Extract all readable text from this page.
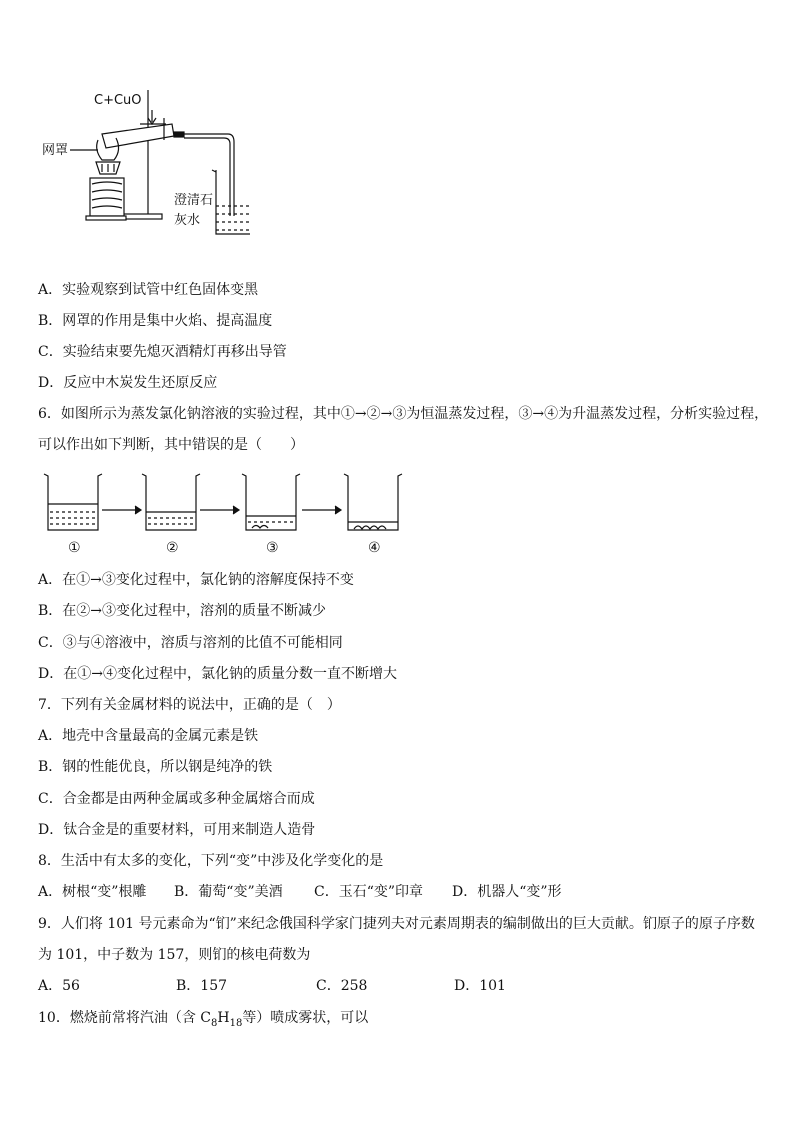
C+CuO
网罩
澄清石
灰水
A．实验观察到试管中红色固体变黑
B．网罩的作用是集中火焰、提高温度
C．实验结束要先熄灭酒精灯再移出导管
D．反应中木炭发生还原反应
6．如图所示为蒸发氯化钠溶液的实验过程，其中①→②→③为恒温蒸发过程，③→④为升温蒸发过程，分析实验过程，
可以作出如下判断，其中错误的是（　　）
①	②	③	④
A．在①→③变化过程中，氯化钠的溶解度保持不变
B．在②→③变化过程中，溶剂的质量不断减少
C．③与④溶液中，溶质与溶剂的比值不可能相同
D．在①→④变化过程中，氯化钠的质量分数一直不断增大
7．下列有关金属材料的说法中，正确的是（　）
A．地壳中含量最高的金属元素是铁
B．钢的性能优良，所以钢是纯净的铁
C．合金都是由两种金属或多种金属熔合而成
D．钛合金是的重要材料，可用来制造人造骨
8．生活中有太多的变化，下列“变”中涉及化学变化的是
A．树根“变”根雕 B．葡萄“变”美酒 C．玉石“变”印章 D．机器人“变”形
9．人们将 101 号元素命为“钔”来纪念俄国科学家门捷列夫对元素周期表的编制做出的巨大贡献。钔原子的原子序数
为 101，中子数为 157，则钔的核电荷数为
A．56	B．157	C．258	D．101
10．燃烧前常将汽油（含 $C_8H_{18}$等）喷成雾状，可以
